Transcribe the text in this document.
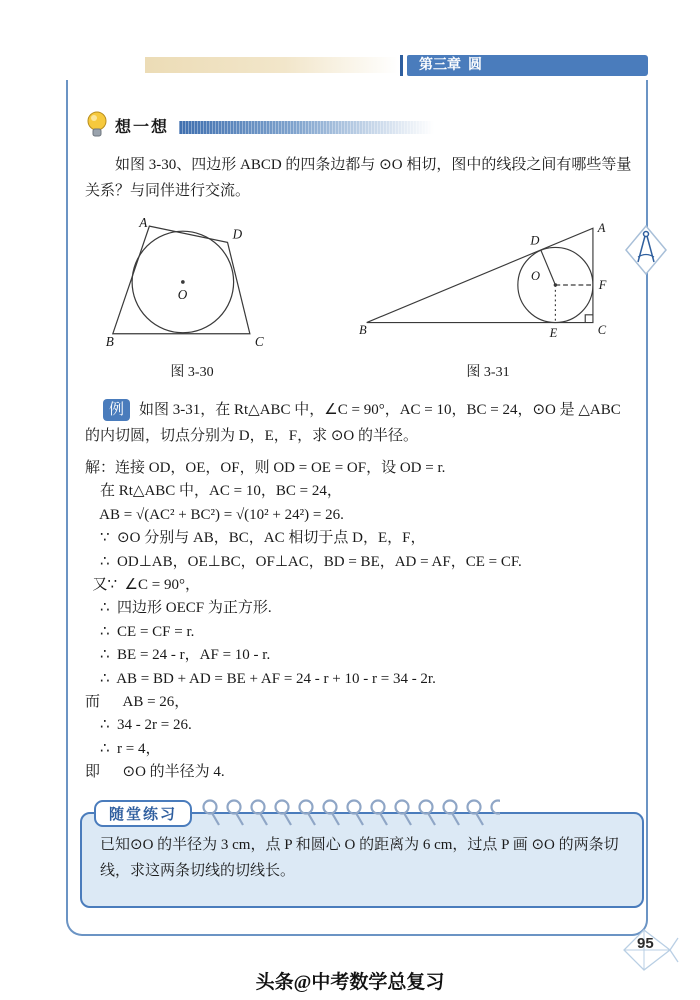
第三章  圆
想一想

如图 3-30、四边形 ABCD 的四条边都与 ⊙O 相切，图中的线段之间有哪些等量关系？与同伴进行交流。

A
D
B	C
O
图 3-30
A
B	C
D
E
F
O
图 3-31

例 如图 3-31，在 Rt△ABC 中，∠C = 90°，AC = 10，BC = 24，⊙O 是 △ABC 的内切圆，切点分别为 D，E，F，求 ⊙O 的半径。

解：连接 OD，OE，OF，则 OD = OE = OF，设 OD = r.
在 Rt△ABC 中，AC = 10，BC = 24，
AB = √(AC² + BC²) = √(10² + 24²) = 26.
∵  ⊙O 分别与 AB，BC，AC 相切于点 D，E，F，
∴  OD⊥AB，OE⊥BC，OF⊥AC，BD = BE，AD = AF，CE = CF.
又∵  ∠C = 90°，
∴  四边形 OECF 为正方形.
∴  CE = CF = r.
∴  BE = 24 - r，AF = 10 - r.
∴  AB = BD + AD = BE + AF = 24 - r + 10 - r = 34 - 2r.
而      AB = 26，
∴  34 - 2r = 26.
∴  r = 4，
即      ⊙O 的半径为 4.
随堂练习
已知⊙O 的半径为 3 cm，点 P 和圆心 O 的距离为 6 cm，过点 P 画 ⊙O 的两条切线，求这两条切线的切线长。
95
头条@中考数学总复习
